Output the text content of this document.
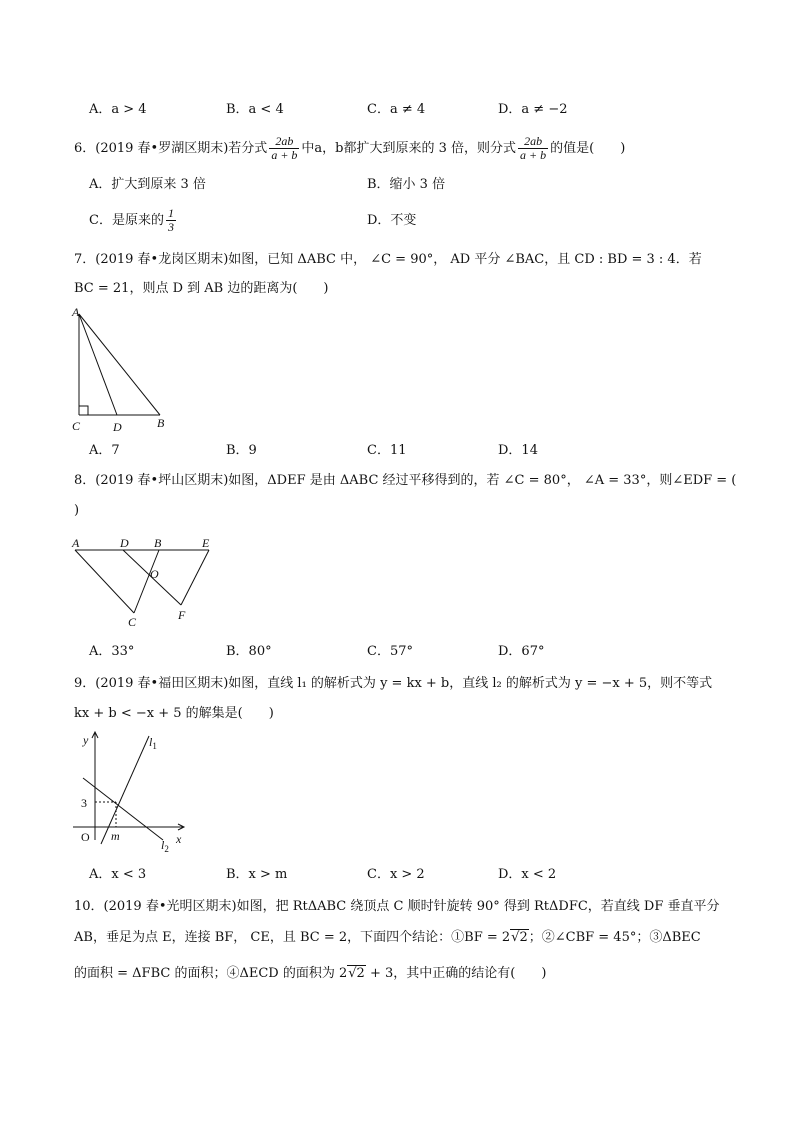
A．a > 4	B．a < 4	C．a ≠ 4	D．a ≠ −2
6．(2019 春•罗湖区期末)若分式 $\frac{2ab}{a + b}$ 中a，b都扩大到原来的 3 倍，则分式 $\frac{2ab}{a + b}$ 的值是(　　)
A．扩大到原来 3 倍	B．缩小 3 倍
C．是原来的 $\frac{1}{3}$	D．不变
7．(2019 春•龙岗区期末)如图，已知 ΔABC 中， ∠C = 90°， AD 平分 ∠BAC，且 CD : BD = 3 : 4．若
BC = 21，则点 D 到 AB 边的距离为(　　)
A
C	D	B
A．7	B．9	C．11	D．14
8．(2019 春•坪山区期末)如图，ΔDEF 是由 ΔABC 经过平移得到的，若 ∠C = 80°， ∠A = 33°，则∠EDF = (
)
A	D B	E
O
C	F
A．33°	B．80°	C．57°	D．67°
9．(2019 春•福田区期末)如图，直线 l₁ 的解析式为 y = kx + b，直线 l₂ 的解析式为 y = −x + 5，则不等式
kx + b < −x + 5 的解集是(　　)
y
x
O
3
m
$l_1$
$l_2$
A．x < 3	B．x > m	C．x > 2	D．x < 2
10．(2019 春•光明区期末)如图，把 RtΔABC 绕顶点 C 顺时针旋转 90° 得到 RtΔDFC，若直线 DF 垂直平分
AB，垂足为点 E，连接 BF， CE，且 BC = 2，下面四个结论：①BF = 2√2；②∠CBF = 45°；③ΔBEC
的面积 = ΔFBC 的面积；④ΔECD 的面积为 2√2 + 3，其中正确的结论有(　　)
